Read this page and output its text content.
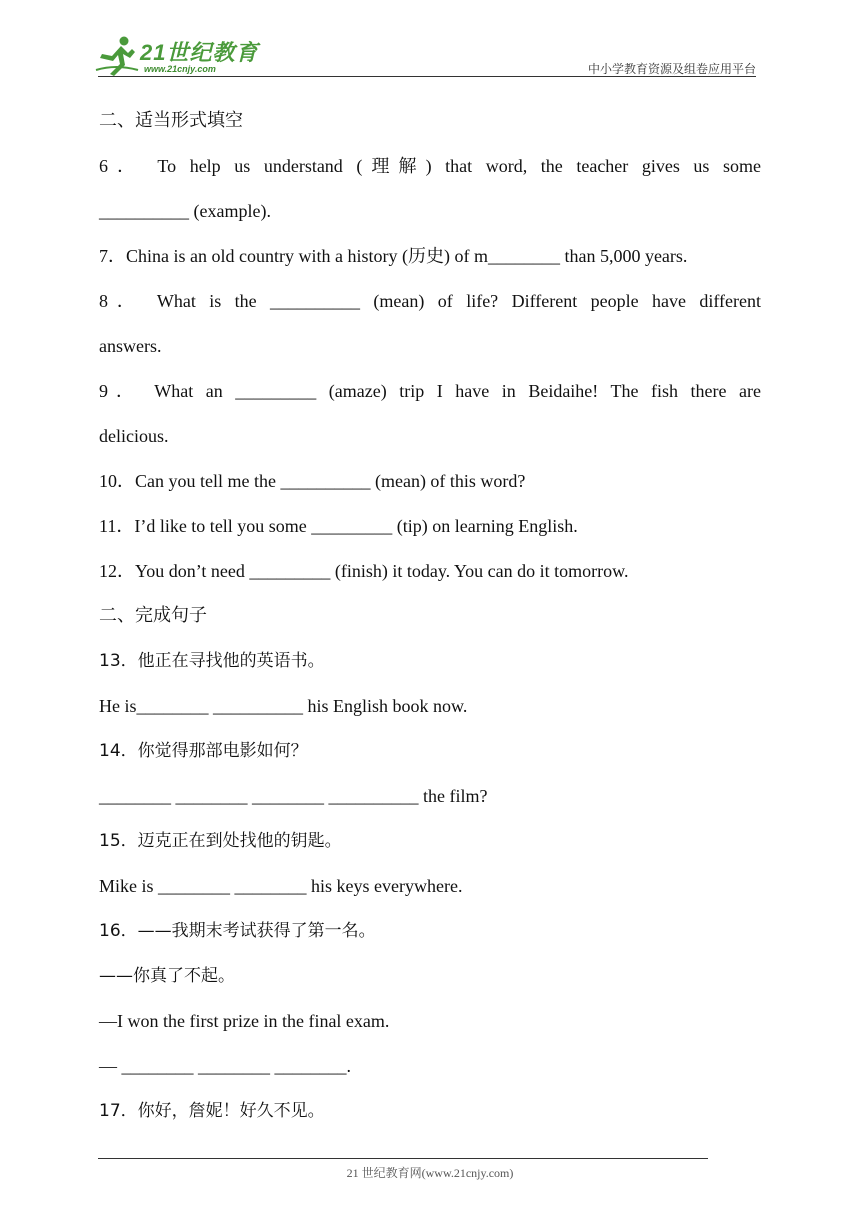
21世纪教育
www.21cnjy.com	中小学教育资源及组卷应用平台
二、适当形式填空
6． To help us understand (理解) that word, the teacher gives us some
__________ (example).
7．China is an old country with a history (历史) of m________ than 5,000 years.
8． What is the __________ (mean) of life? Different people have different
answers.
9． What an _________ (amaze) trip I have in Beidaihe! The fish there are
delicious.
10．Can you tell me the __________ (mean) of this word?
11．I’d like to tell you some _________ (tip) on learning English.
12．You don’t need _________ (finish) it today. You can do it tomorrow.
二、完成句子
13．他正在寻找他的英语书。
He is________ __________ his English book now.
14．你觉得那部电影如何？
________ ________ ________ __________ the film?
15．迈克正在到处找他的钥匙。
Mike is ________ ________ his keys everywhere.
16．——我期末考试获得了第一名。
——你真了不起。
—I won the first prize in the final exam.
— ________ ________ ________.
17．你好，詹妮！好久不见。
21 世纪教育网(www.21cnjy.com)
